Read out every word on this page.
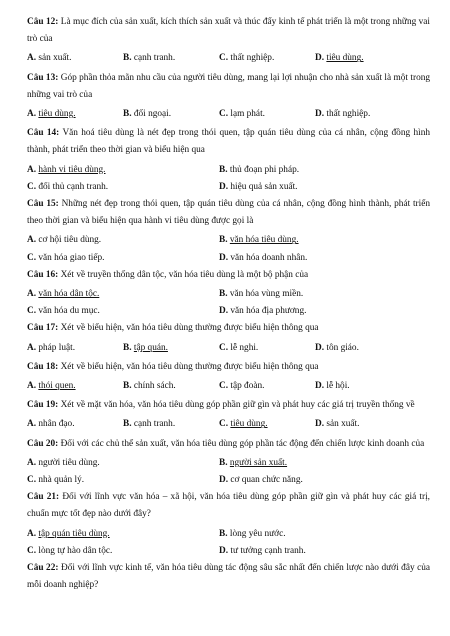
Câu 12: Là mục đích của sản xuất, kích thích sản xuất và thúc đẩy kinh tế phát triển là một trong những vai trò của
A. sản xuất.	B. cạnh tranh.	C. thất nghiệp.	D. tiêu dùng.
Câu 13: Góp phần thỏa mãn nhu cầu của người tiêu dùng, mang lại lợi nhuận cho nhà sản xuất là một trong những vai trò của
A. tiêu dùng.	B. đối ngoại.	C. lạm phát.	D. thất nghiệp.
Câu 14: Văn hoá tiêu dùng là nét đẹp trong thói quen, tập quán tiêu dùng của cá nhân, cộng đồng hình thành, phát triển theo thời gian và biểu hiện qua
A. hành vi tiêu dùng.	B. thủ đoạn phi pháp.
C. đối thủ cạnh tranh.	D. hiệu quả sản xuất.
Câu 15: Những nét đẹp trong thói quen, tập quán tiêu dùng của cá nhân, cộng đồng hình thành, phát triển theo thời gian và biểu hiện qua hành vi tiêu dùng được gọi là
A. cơ hội tiêu dùng.	B. văn hóa tiêu dùng.
C. văn hóa giao tiếp.	D. văn hóa doanh nhân.
Câu 16: Xét về truyền thống dân tộc, văn hóa tiêu dùng là một bộ phận của
A. văn hóa dân tộc.	B. văn hóa vùng miền.
C. văn hóa du mục.	D. văn hóa địa phương.
Câu 17: Xét về biểu hiện, văn hóa tiêu dùng thường được biểu hiện thông qua
A. pháp luật.	B. tập quán.	C. lễ nghi.	D. tôn giáo.
Câu 18: Xét về biểu hiện, văn hóa tiêu dùng thường được biểu hiện thông qua
A. thói quen.	B. chính sách.	C. tập đoàn.	D. lễ hội.
Câu 19: Xét về mặt văn hóa, văn hóa tiêu dùng góp phần giữ gìn và phát huy các giá trị truyền thống về
A. nhân đạo.	B. cạnh tranh.	C. tiêu dùng.	D. sản xuất.
Câu 20: Đối với các chủ thể sản xuất, văn hóa tiêu dùng góp phần tác động đến chiến lược kinh doanh của
A. người tiêu dùng.	B. người sản xuất.
C. nhà quản lý.	D. cơ quan chức năng.
Câu 21: Đối với lĩnh vực văn hóa – xã hội, văn hóa tiêu dùng góp phần giữ gìn và phát huy các giá trị, chuẩn mực tốt đẹp nào dưới đây?
A. tập quán tiêu dùng.	B. lòng yêu nước.
C. lòng tự hào dân tộc.	D. tư tưởng cạnh tranh.
Câu 22: Đối với lĩnh vực kinh tế, văn hóa tiêu dùng tác động sâu sắc nhất đến chiến lược nào dưới đây của mỗi doanh nghiệp?
